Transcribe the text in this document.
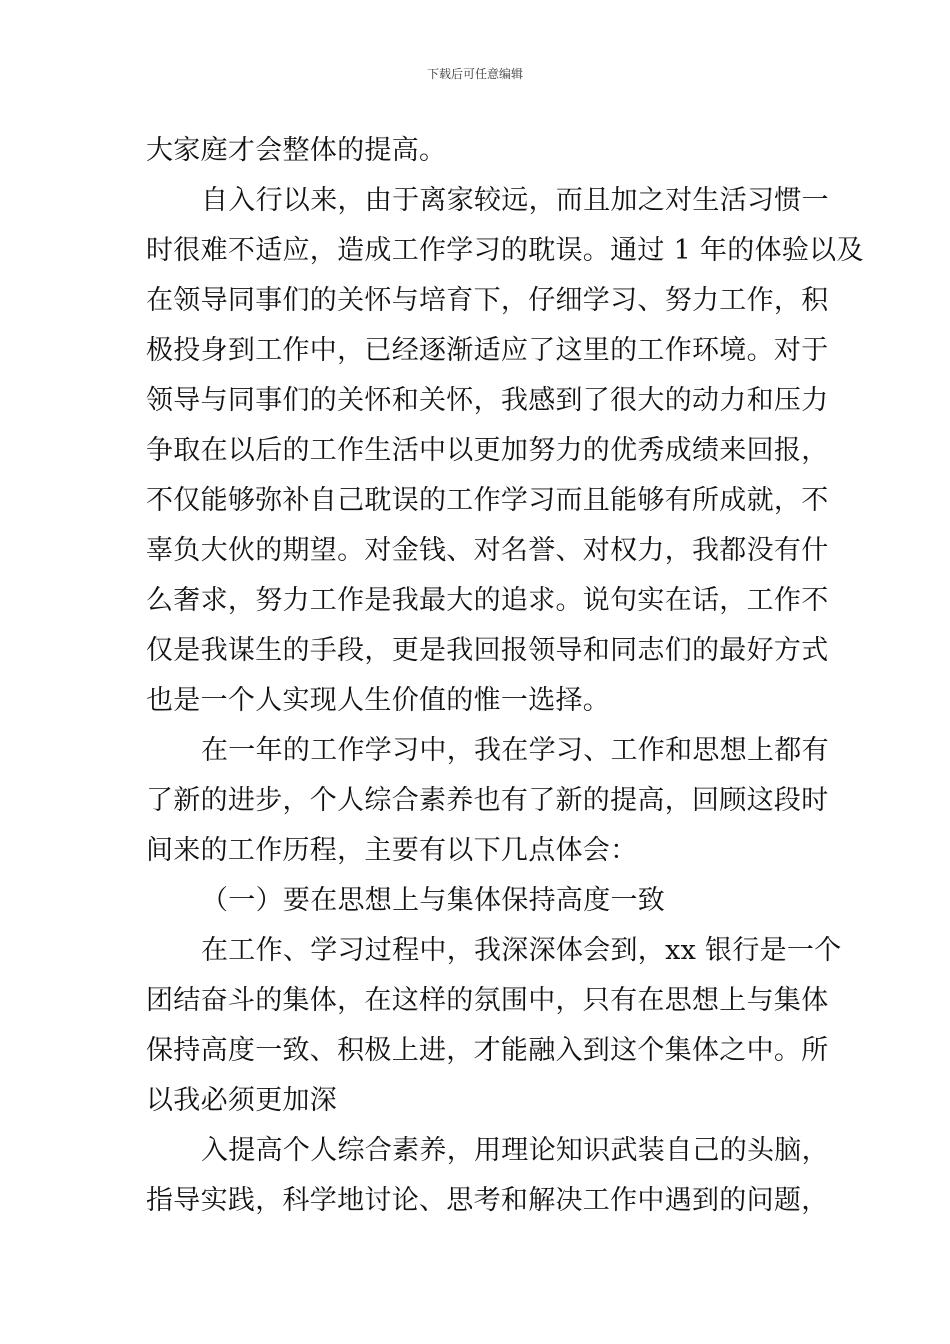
下载后可任意编辑
大家庭才会整体的提高。
自入行以来，由于离家较远，而且加之对生活习惯一
时很难不适应，造成工作学习的耽误。通过 1 年的体验以及
在领导同事们的关怀与培育下，仔细学习、努力工作，积
极投身到工作中，已经逐渐适应了这里的工作环境。对于
领导与同事们的关怀和关怀，我感到了很大的动力和压力
争取在以后的工作生活中以更加努力的优秀成绩来回报，
不仅能够弥补自己耽误的工作学习而且能够有所成就，不
辜负大伙的期望。对金钱、对名誉、对权力，我都没有什
么奢求，努力工作是我最大的追求。说句实在话，工作不
仅是我谋生的手段，更是我回报领导和同志们的最好方式
也是一个人实现人生价值的惟一选择。
在一年的工作学习中，我在学习、工作和思想上都有
了新的进步，个人综合素养也有了新的提高，回顾这段时
间来的工作历程，主要有以下几点体会：
（一）要在思想上与集体保持高度一致
在工作、学习过程中，我深深体会到，xx 银行是一个
团结奋斗的集体，在这样的氛围中，只有在思想上与集体
保持高度一致、积极上进，才能融入到这个集体之中。所
以我必须更加深
入提高个人综合素养，用理论知识武装自己的头脑，
指导实践，科学地讨论、思考和解决工作中遇到的问题，
